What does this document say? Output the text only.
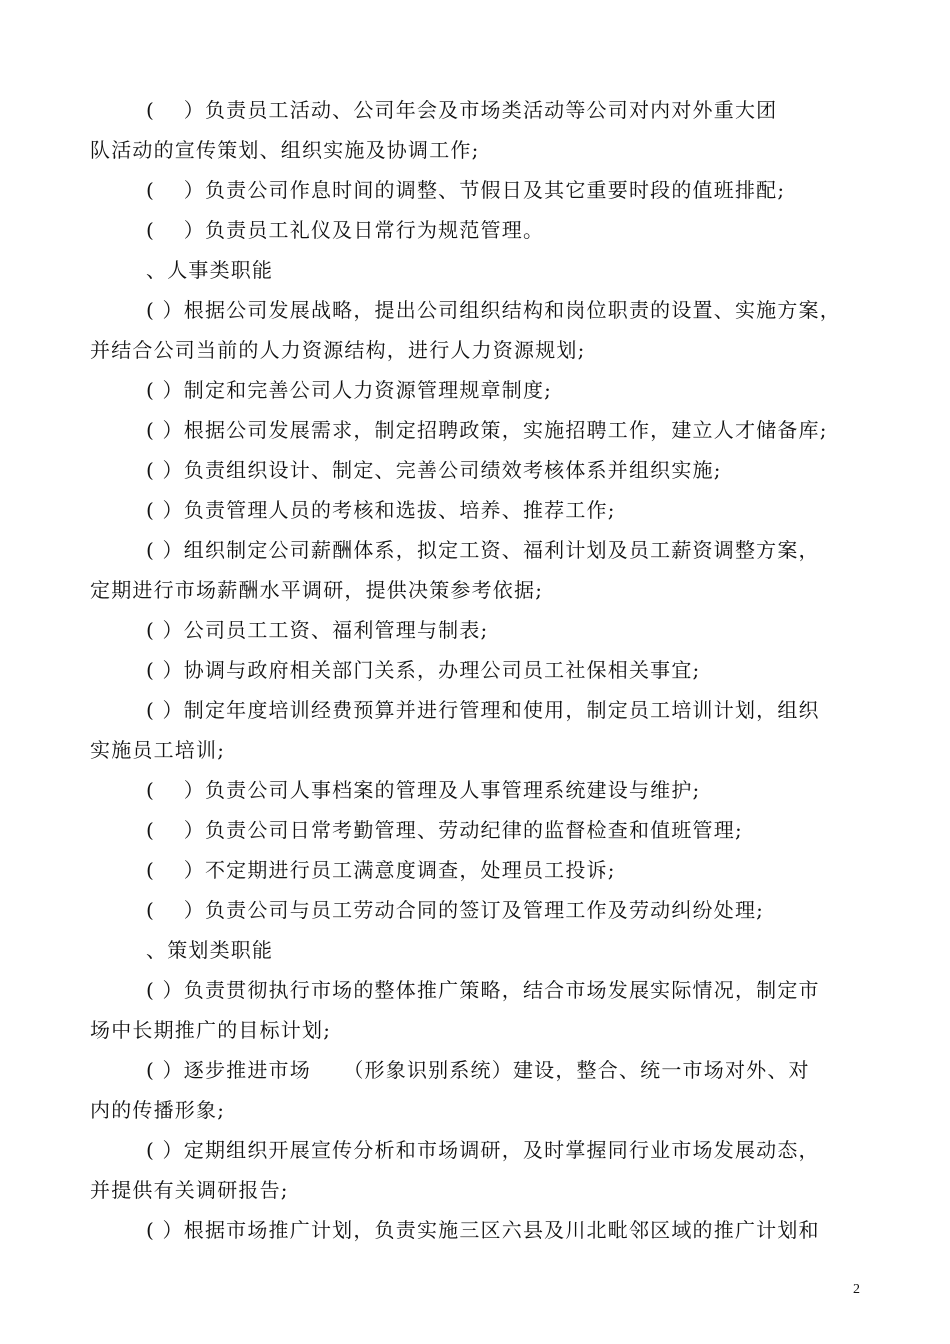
(　 ）负责员工活动、公司年会及市场类活动等公司对内对外重大团
队活动的宣传策划、组织实施及协调工作;
(　 ）负责公司作息时间的调整、节假日及其它重要时段的值班排配;
(　 ）负责员工礼仪及日常行为规范管理。
、人事类职能
( ）根据公司发展战略，提出公司组织结构和岗位职责的设置、实施方案，
并结合公司当前的人力资源结构，进行人力资源规划;
( ）制定和完善公司人力资源管理规章制度;
( ）根据公司发展需求，制定招聘政策，实施招聘工作，建立人才储备库;
( ）负责组织设计、制定、完善公司绩效考核体系并组织实施;
( ）负责管理人员的考核和选拔、培养、推荐工作;
( ）组织制定公司薪酬体系，拟定工资、福利计划及员工薪资调整方案，
定期进行市场薪酬水平调研，提供决策参考依据;
( ）公司员工工资、福利管理与制表;
( ）协调与政府相关部门关系，办理公司员工社保相关事宜;
( ）制定年度培训经费预算并进行管理和使用，制定员工培训计划，组织
实施员工培训;
(　 ）负责公司人事档案的管理及人事管理系统建设与维护;
(　 ）负责公司日常考勤管理、劳动纪律的监督检查和值班管理;
(　 ）不定期进行员工满意度调查，处理员工投诉;
(　 ）负责公司与员工劳动合同的签订及管理工作及劳动纠纷处理;
、策划类职能
( ）负责贯彻执行市场的整体推广策略，结合市场发展实际情况，制定市
场中长期推广的目标计划;
( ）逐步推进市场　　（形象识别系统）建设，整合、统一市场对外、对
内的传播形象;
( ）定期组织开展宣传分析和市场调研，及时掌握同行业市场发展动态，
并提供有关调研报告;
( ）根据市场推广计划，负责实施三区六县及川北毗邻区域的推广计划和
2
